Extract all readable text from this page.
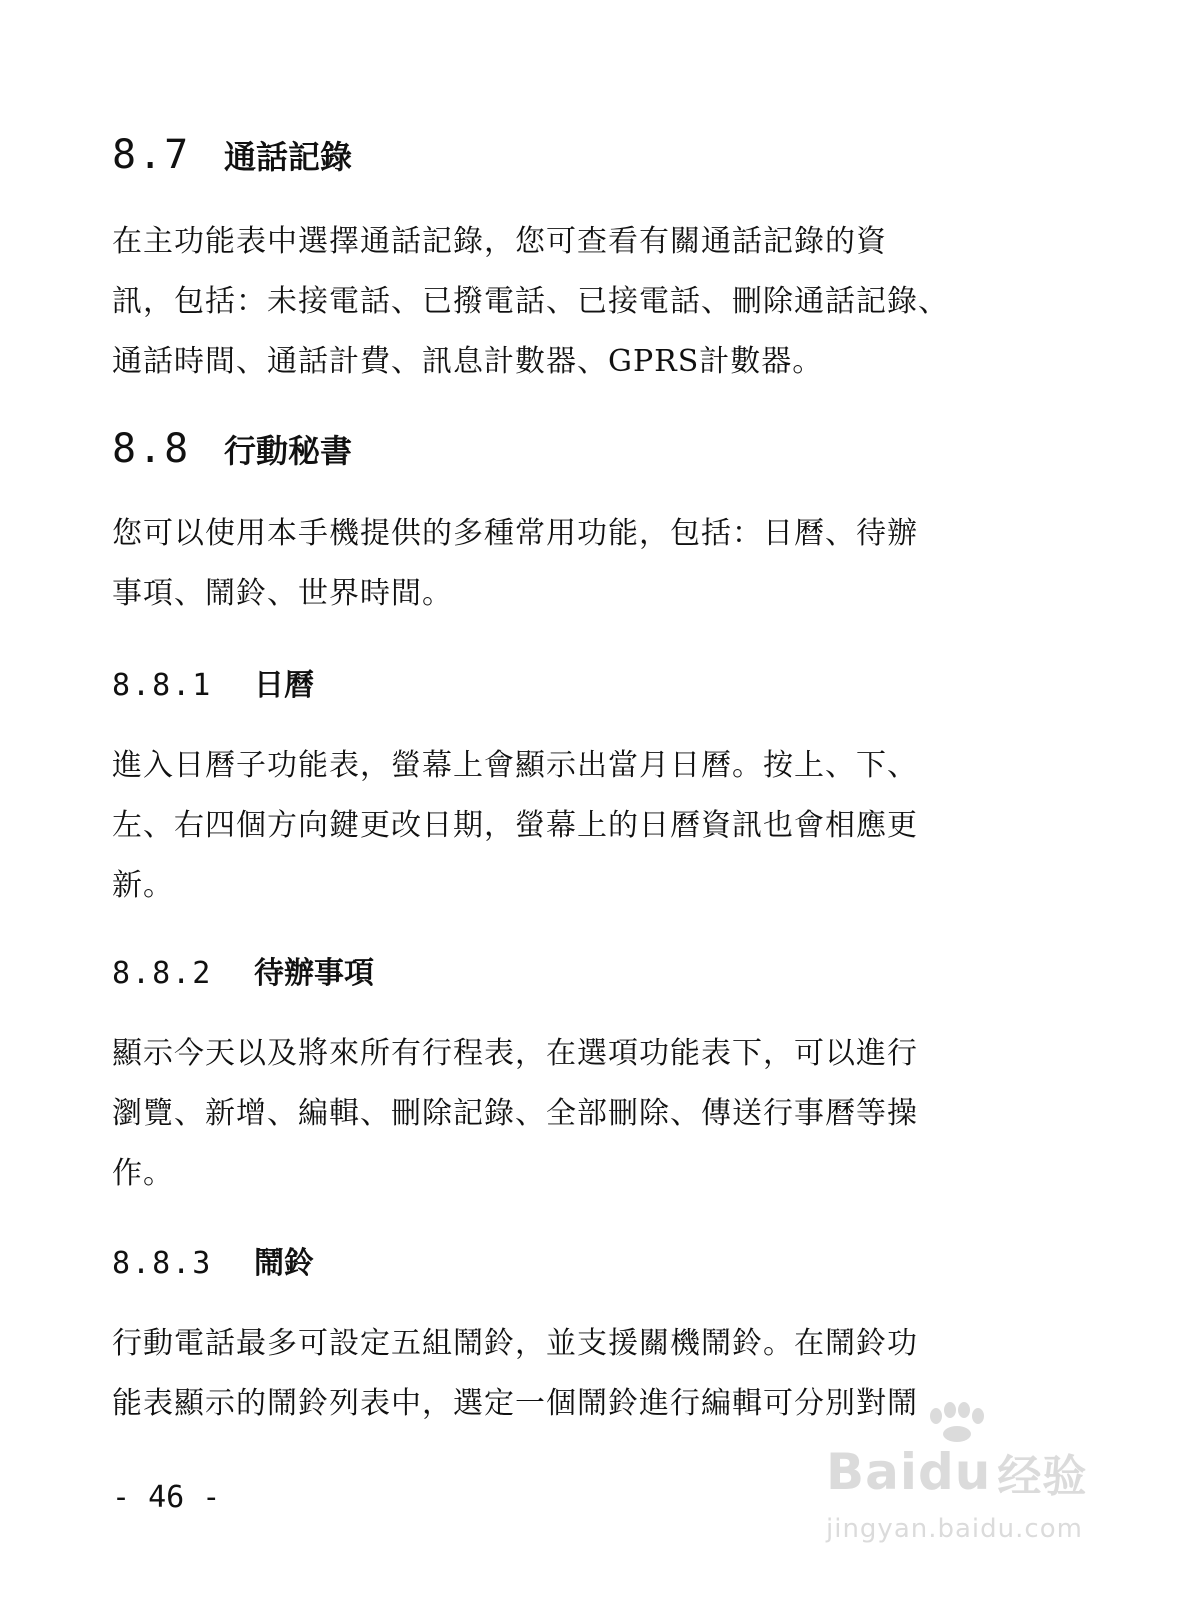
8.7	通話記錄
在主功能表中選擇通話記錄，您可查看有關通話記錄的資
訊，包括：未接電話、已撥電話、已接電話、刪除通話記錄、
通話時間、通話計費、訊息計數器、GPRS計數器。
8.8	行動秘書
您可以使用本手機提供的多種常用功能，包括：日曆、待辦
事項、鬧鈴、世界時間。
8.8.1	日曆
進入日曆子功能表，螢幕上會顯示出當月日曆。按上、下、
左、右四個方向鍵更改日期，螢幕上的日曆資訊也會相應更
新。
8.8.2	待辦事項
顯示今天以及將來所有行程表，在選項功能表下，可以進行
瀏覽、新增、編輯、刪除記錄、全部刪除、傳送行事曆等操
作。
8.8.3	鬧鈴
行動電話最多可設定五組鬧鈴，並支援關機鬧鈴。在鬧鈴功
能表顯示的鬧鈴列表中，選定一個鬧鈴進行編輯可分別對鬧
- 46 -	Baidu 经验
jingyan.baidu.com
